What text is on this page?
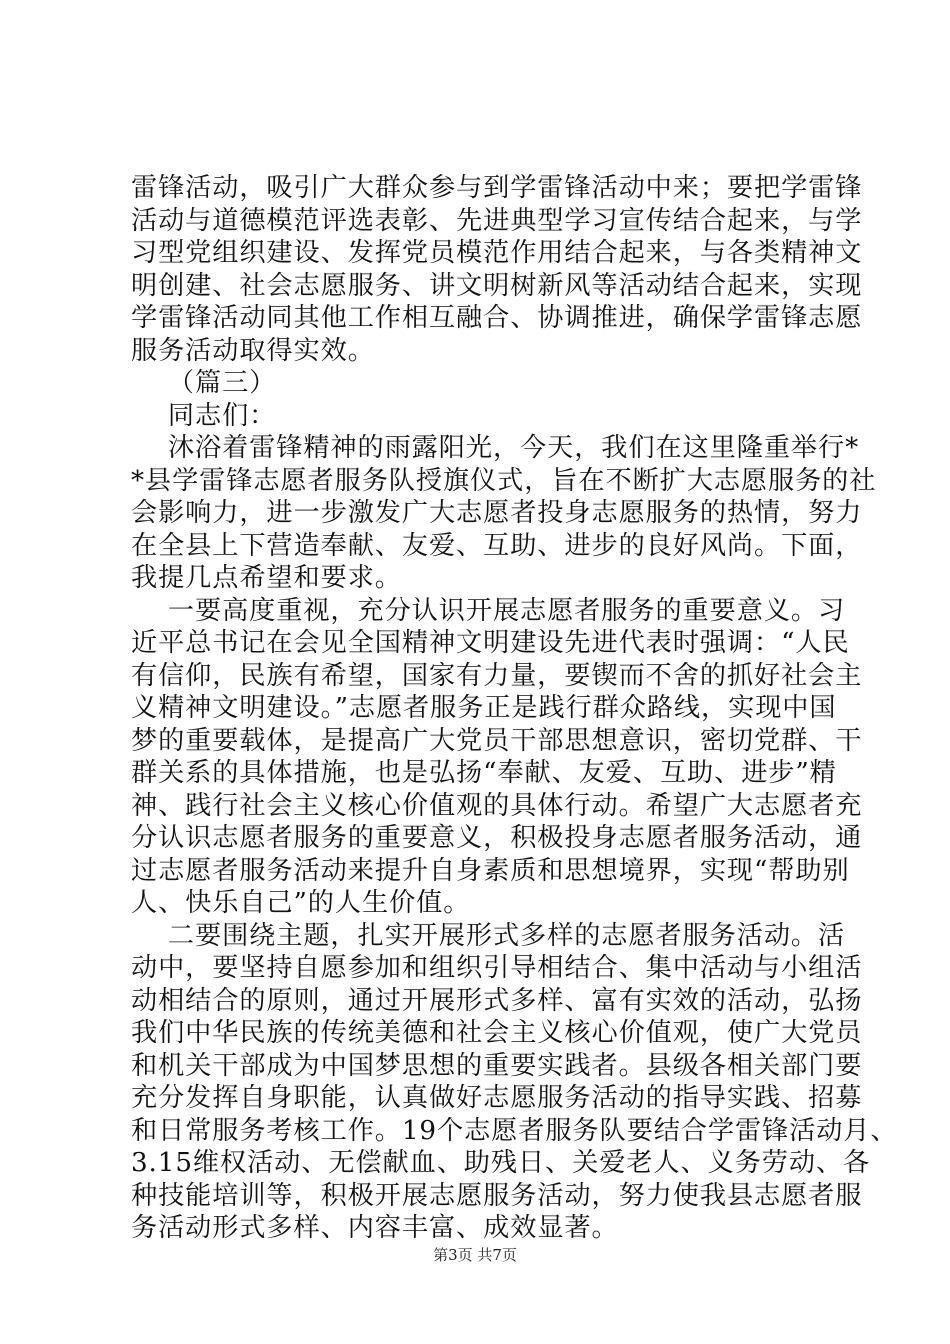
雷锋活动，吸引广大群众参与到学雷锋活动中来；要把学雷锋
活动与道德模范评选表彰、先进典型学习宣传结合起来，与学
习型党组织建设、发挥党员模范作用结合起来，与各类精神文
明创建、社会志愿服务、讲文明树新风等活动结合起来，实现
学雷锋活动同其他工作相互融合、协调推进，确保学雷锋志愿
服务活动取得实效。
（篇三）
同志们：
沐浴着雷锋精神的雨露阳光，今天，我们在这里隆重举行*
*县学雷锋志愿者服务队授旗仪式，旨在不断扩大志愿服务的社
会影响力，进一步激发广大志愿者投身志愿服务的热情，努力
在全县上下营造奉献、友爱、互助、进步的良好风尚。下面，
我提几点希望和要求。
一要高度重视，充分认识开展志愿者服务的重要意义。习
近平总书记在会见全国精神文明建设先进代表时强调：“人民
有信仰，民族有希望，国家有力量，要锲而不舍的抓好社会主
义精神文明建设。”志愿者服务正是践行群众路线，实现中国
梦的重要载体，是提高广大党员干部思想意识，密切党群、干
群关系的具体措施，也是弘扬“奉献、友爱、互助、进步”精
神、践行社会主义核心价值观的具体行动。希望广大志愿者充
分认识志愿者服务的重要意义，积极投身志愿者服务活动，通
过志愿者服务活动来提升自身素质和思想境界，实现“帮助别
人、快乐自己”的人生价值。
二要围绕主题，扎实开展形式多样的志愿者服务活动。活
动中，要坚持自愿参加和组织引导相结合、集中活动与小组活
动相结合的原则，通过开展形式多样、富有实效的活动，弘扬
我们中华民族的传统美德和社会主义核心价值观，使广大党员
和机关干部成为中国梦思想的重要实践者。县级各相关部门要
充分发挥自身职能，认真做好志愿服务活动的指导实践、招募
和日常服务考核工作。19个志愿者服务队要结合学雷锋活动月、
3.15维权活动、无偿献血、助残日、关爱老人、义务劳动、各
种技能培训等，积极开展志愿服务活动，努力使我县志愿者服
务活动形式多样、内容丰富、成效显著。
第3页 共7页
